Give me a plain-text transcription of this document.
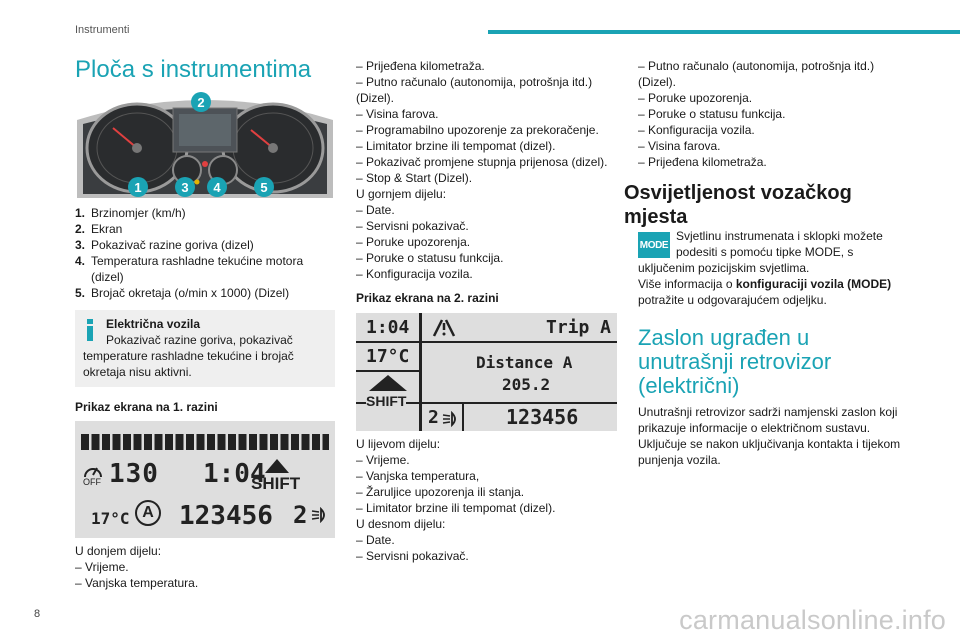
Instrumenti
Ploča s instrumentima
2
1	3	4	5
1. Brzinomjer (km/h)
2. Ekran
3. Pokazivač razine goriva (dizel)
4. Temperatura rashladne tekućine motora (dizel)
5. Brojač okretaja (o/min x 1000) (Dizel)
Električna vozila
Pokazivač razine goriva, pokazivač temperature rashladne tekućine i brojač okretaja nisu aktivni.
Prikaz ekrana na 1. razini
OFF 130 1:04
SHIFT
17°C A 123456 2
U donjem dijelu:
– Vrijeme.
– Vanjska temperatura.
– Prijeđena kilometraža.
– Putno računalo (autonomija, potrošnja itd.) (Dizel).
– Visina farova.
– Programabilno upozorenje za prekoračenje.
– Limitator brzine ili tempomat (dizel).
– Pokazivač promjene stupnja prijenosa (dizel).
– Stop & Start (Dizel).
U gornjem dijelu:
– Date.
– Servisni pokazivač.
– Poruke upozorenja.
– Poruke o statusu funkcija.
– Konfiguracija vozila.
Prikaz ekrana na 2. razini
1:04	Trip A
17°C	Distance A
205.2
SHIFT
2	123456
U lijevom dijelu:
– Vrijeme.
– Vanjska temperatura,
– Žaruljice upozorenja ili stanja.
– Limitator brzine ili tempomat (dizel).
U desnom dijelu:
– Date.
– Servisni pokazivač.
– Putno računalo (autonomija, potrošnja itd.) (Dizel).
– Poruke upozorenja.
– Poruke o statusu funkcija.
– Konfiguracija vozila.
– Visina farova.
– Prijeđena kilometraža.
Osvijetljenost vozačkog mjesta
MODE
Svjetlinu instrumenata i sklopki možete podesiti s pomoću tipke MODE, s uključenim pozicijskim svjetlima.
Više informacija o konfiguraciji vozila (MODE) potražite u odgovarajućem odjeljku.
Zaslon ugrađen u unutrašnji retrovizor (električni)
Unutrašnji retrovizor sadrži namjenski zaslon koji prikazuje informacije o električnom sustavu. Uključuje se nakon uključivanja kontakta i tijekom punjenja vozila.
8	carmanualsonline.info
